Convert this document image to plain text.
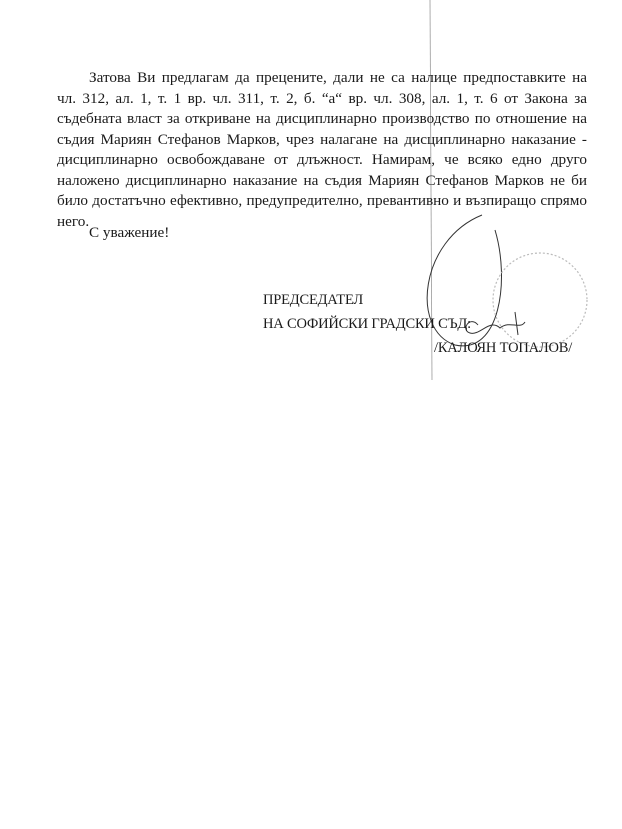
Затова Ви предлагам да прецените, дали не са налице предпоставките на
чл. 312, ал. 1, т. 1 вр. чл. 311, т. 2, б. “а“ вр. чл. 308, ал. 1, т. 6 от Закона за
съдебната власт за откриване на дисциплинарно производство по отношение на
съдия Мариян Стефанов Марков, чрез налагане на дисциплинарно наказание -
дисциплинарно освобождаване от длъжност. Намирам, че всяко едно друго
наложено дисциплинарно наказание на съдия Мариян Стефанов Марков не би
било достатъчно ефективно, предупредително, превантивно и възпиращо спрямо
него.
С уважение!
ПРЕДСЕДАТЕЛ
НА СОФИЙСКИ ГРАДСКИ СЪД:
/КАЛОЯН ТОПАЛОВ/
